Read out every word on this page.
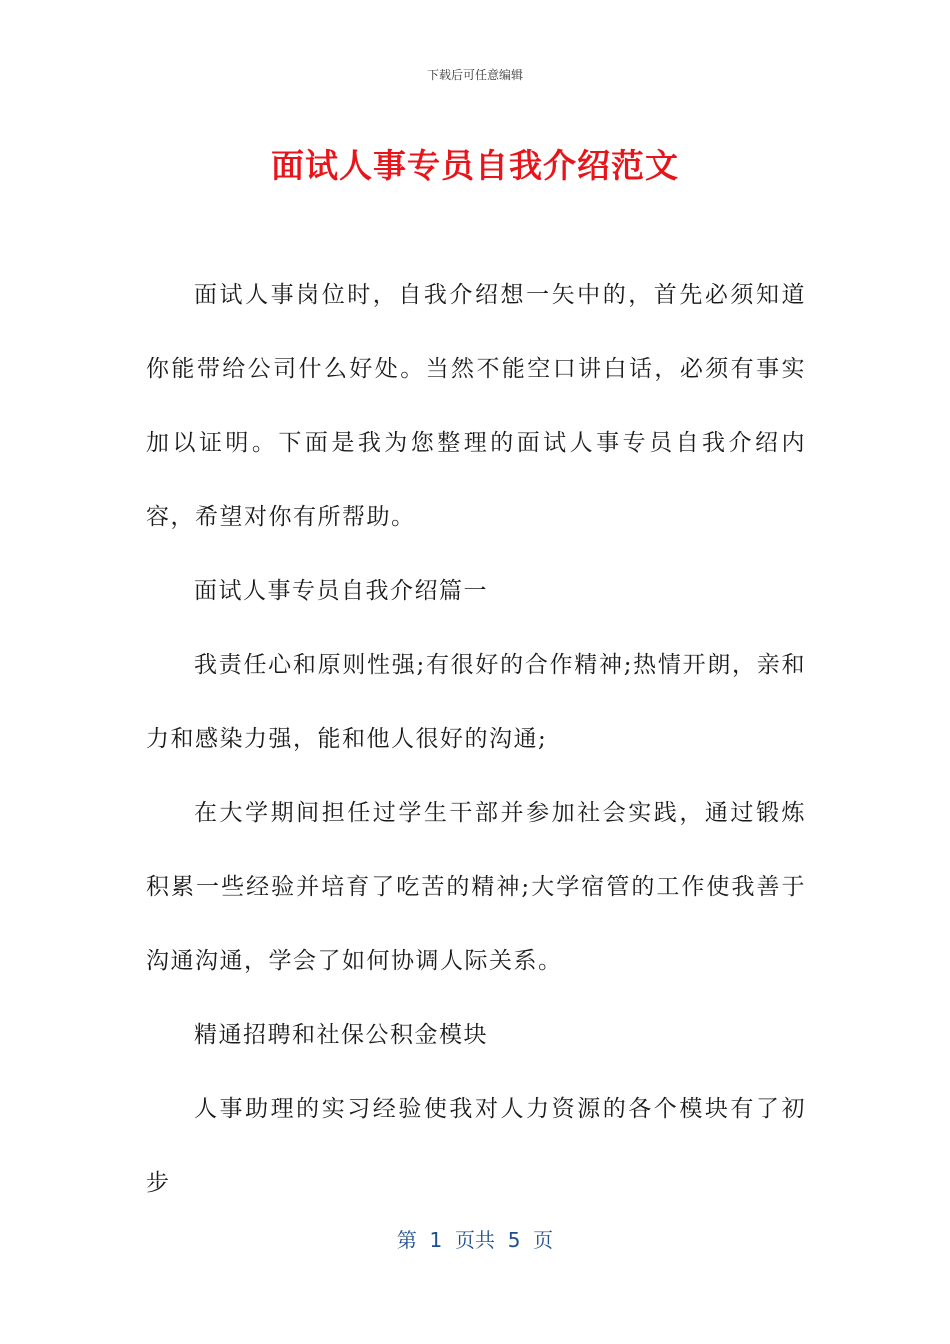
下载后可任意编辑
面试人事专员自我介绍范文

面试人事岗位时，自我介绍想一矢中的，首先必须知道你能带给公司什么好处。当然不能空口讲白话，必须有事实加以证明。下面是我为您整理的面试人事专员自我介绍内容，希望对你有所帮助。

面试人事专员自我介绍篇一

我责任心和原则性强;有很好的合作精神;热情开朗，亲和力和感染力强，能和他人很好的沟通;

在大学期间担任过学生干部并参加社会实践，通过锻炼积累一些经验并培育了吃苦的精神;大学宿管的工作使我善于沟通沟通，学会了如何协调人际关系。

精通招聘和社保公积金模块

人事助理的实习经验使我对人力资源的各个模块有了初步

第  1  页共  5  页
